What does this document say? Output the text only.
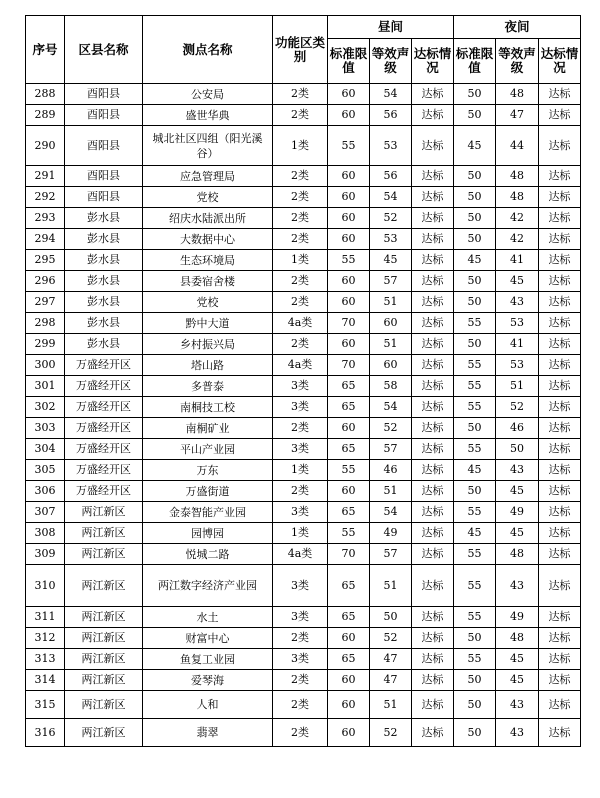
序号	区县名称	测点名称	功能区类别	昼间			夜间		
				标准限值	等效声级	达标情况	标准限值	等效声级	达标情况
288	酉阳县	公安局	2类	60	54	达标	50	48	达标
289	酉阳县	盛世华典	2类	60	56	达标	50	47	达标
290	酉阳县	城北社区四组（阳光溪谷）	1类	55	53	达标	45	44	达标
291	酉阳县	应急管理局	2类	60	56	达标	50	48	达标
292	酉阳县	党校	2类	60	54	达标	50	48	达标
293	彭水县	绍庆水陆派出所	2类	60	52	达标	50	42	达标
294	彭水县	大数据中心	2类	60	53	达标	50	42	达标
295	彭水县	生态环境局	1类	55	45	达标	45	41	达标
296	彭水县	县委宿舍楼	2类	60	57	达标	50	45	达标
297	彭水县	党校	2类	60	51	达标	50	43	达标
298	彭水县	黔中大道	4a类	70	60	达标	55	53	达标
299	彭水县	乡村振兴局	2类	60	51	达标	50	41	达标
300	万盛经开区	塔山路	4a类	70	60	达标	55	53	达标
301	万盛经开区	多普泰	3类	65	58	达标	55	51	达标
302	万盛经开区	南桐技工校	3类	65	54	达标	55	52	达标
303	万盛经开区	南桐矿业	2类	60	52	达标	50	46	达标
304	万盛经开区	平山产业园	3类	65	57	达标	55	50	达标
305	万盛经开区	万东	1类	55	46	达标	45	43	达标
306	万盛经开区	万盛街道	2类	60	51	达标	50	45	达标
307	两江新区	金泰智能产业园	3类	65	54	达标	55	49	达标
308	两江新区	园博园	1类	55	49	达标	45	45	达标
309	两江新区	悦城二路	4a类	70	57	达标	55	48	达标
310	两江新区	两江数字经济产业园	3类	65	51	达标	55	43	达标
311	两江新区	水土	3类	65	50	达标	55	49	达标
312	两江新区	财富中心	2类	60	52	达标	50	48	达标
313	两江新区	鱼复工业园	3类	65	47	达标	55	45	达标
314	两江新区	爱琴海	2类	60	47	达标	50	45	达标
315	两江新区	人和	2类	60	51	达标	50	43	达标
316	两江新区	翡翠	2类	60	52	达标	50	43	达标
